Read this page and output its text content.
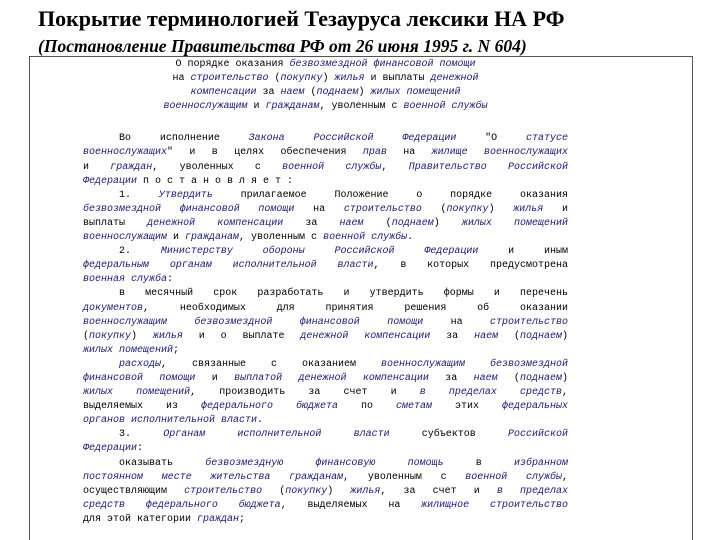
Покрытие терминологией Тезауруса лексики НА РФ
(Постановление Правительства РФ от 26 июня 1995 г. N 604)
О порядке оказания безвозмездной финансовой помощи
на строительство (покупку) жилья и выплаты денежной
компенсации за наем (поднаем) жилых помещений
военнослужащим и гражданам, уволенным с военной службы
Во исполнение Закона	Российской Федерации "О статусе
военнослужащих" и в целях обеспечения прав на жилище военнослужащих
и граждан, уволенных с военной службы, Правительство Российской
Федерации п о с т а н о в л я е т :
1. Утвердить прилагаемое Положение о порядке оказания
безвозмездной финансовой помощи на строительство (покупку) жилья и
выплаты денежной компенсации за наем (поднаем) жилых помещений
военнослужащим и гражданам, уволенным с военной службы.
2. Министерству	обороны	Российской Федерации и иным
федеральным органам исполнительной власти, в которых предусмотрена
военная служба:
в месячный срок разработать и утвердить формы и перечень
документов, необходимых для принятия решения об оказании
военнослужащим	безвозмездной финансовой помощи на строительство
(покупку) жилья и о выплате денежной компенсации за наем (поднаем)
жилых помещений;
расходы, связанные с оказанием военнослужащим безвозмездной
финансовой помощи и выплатой денежной компенсации за наем (поднаем)
жилых помещений, производить за счет и в пределах средств,
выделяемых из федерального бюджета по сметам этих федеральных
органов исполнительной власти.
3. Органам	исполнительной власти субъектов Российской
Федерации:
оказывать безвозмездную	финансовую	помощь в избранном
постоянном месте жительства гражданам, уволенным с военной службы,
осуществляющим строительство (покупку) жилья, за счет и в пределах
средств федерального бюджета, выделяемых на жилищное строительство
для этой категории граждан;
